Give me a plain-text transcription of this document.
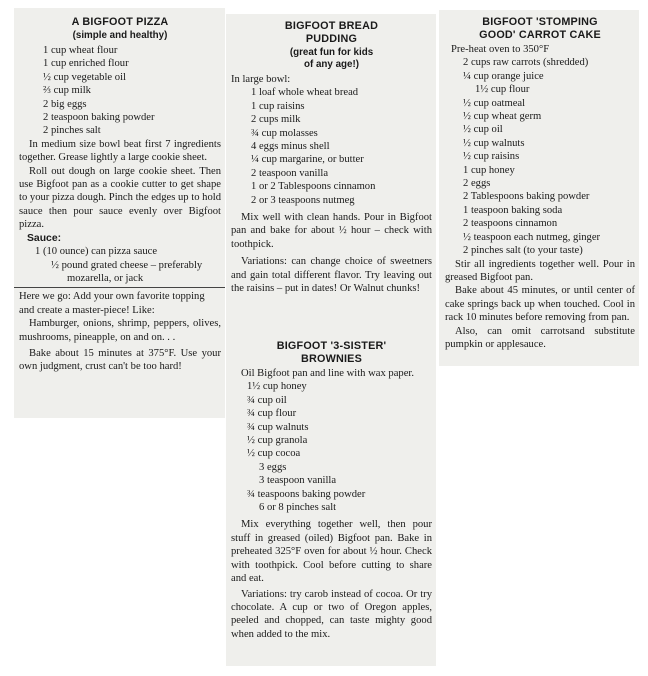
A BIGFOOT PIZZA
(simple and healthy)
1 cup wheat flour
1 cup enriched flour
½ cup vegetable oil
⅔ cup milk
2 big eggs
2 teaspoon baking powder
2 pinches salt

In medium size bowl beat first 7 ingredients together. Grease lightly a large cookie sheet.

Roll out dough on large cookie sheet. Then use Bigfoot pan as a cookie cutter to get shape to your pizza dough. Pinch the edges up to hold sauce then pour sauce evenly over Bigfoot pizza.

Sauce:

1 (10 ounce) can pizza sauce
½ pound grated cheese – preferably mozarella, or jack

Here we go: Add your own favorite topping and create a master-piece! Like:

Hamburger, onions, shrimp, peppers, olives, mushrooms, pineapple, on and on. . .

Bake about 15 minutes at 375°F. Use your own judgment, crust can't be too hard!

BIGFOOT BREAD
PUDDING
(great fun for kids
of any age!)

In large bowl:

1 loaf whole wheat bread
1 cup raisins
2 cups milk
¾ cup molasses
4 eggs minus shell
¼ cup margarine, or butter
2 teaspoon vanilla
1 or 2 Tablespoons cinnamon
2 or 3 teaspoons nutmeg

Mix well with clean hands. Pour in Bigfoot pan and bake for about ½ hour – check with toothpick.

Variations: can change choice of sweetners and gain total different flavor. Try leaving out the raisins – put in dates! Or Walnut chunks!

BIGFOOT '3-SISTER'
BROWNIES

Oil Bigfoot pan and line with wax paper.

1½ cup honey
¾ cup oil
¾ cup flour
¾ cup walnuts
½ cup granola
½ cup cocoa
3 eggs
3 teaspoon vanilla
¾ teaspoons baking powder
6 or 8 pinches salt

Mix everything together well, then pour stuff in greased (oiled) Bigfoot pan. Bake in preheated 325°F oven for about ½ hour. Check with toothpick. Cool before cutting to share and eat.

Variations: try carob instead of cocoa. Or try chocolate. A cup or two of Oregon apples, peeled and chopped, can taste mighty good when added to the mix.

BIGFOOT 'STOMPING
GOOD' CARROT CAKE

Pre-heat oven to 350°F

2 cups raw carrots (shredded)
¼ cup orange juice
1½ cup flour
½ cup oatmeal
½ cup wheat germ
½ cup oil
½ cup walnuts
½ cup raisins
1 cup honey
2 eggs
2 Tablespoons baking powder
1 teaspoon baking soda
2 teaspoons cinnamon
½ teaspoon each nutmeg, ginger
2 pinches salt (to your taste)

Stir all ingredients together well. Pour in greased Bigfoot pan.

Bake about 45 minutes, or until center of cake springs back up when touched. Cool in rack 10 minutes before removing from pan.

Also, can omit carrotsand substitute pumpkin or applesauce.
